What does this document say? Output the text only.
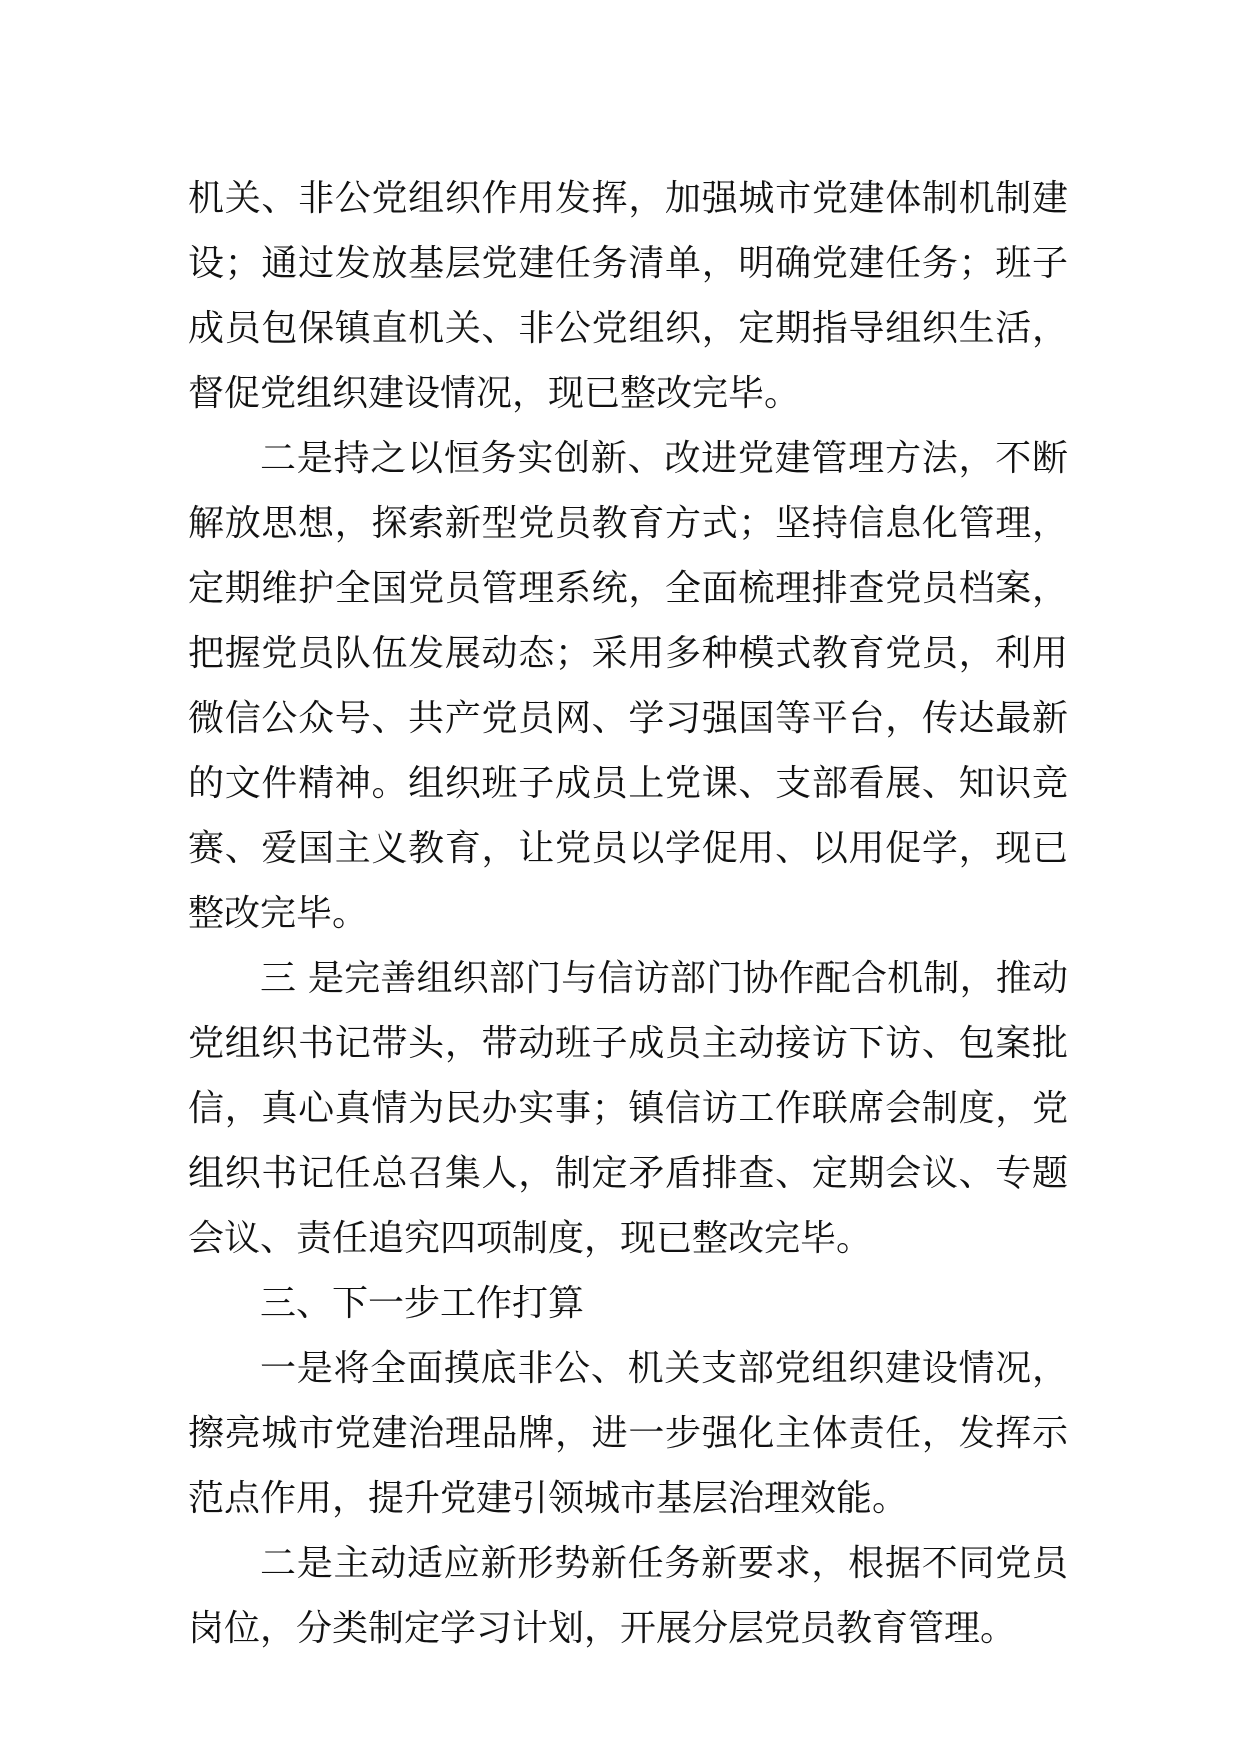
机关、非公党组织作用发挥，加强城市党建体制机制建设；通过发放基层党建任务清单，明确党建任务；班子成员包保镇直机关、非公党组织，定期指导组织生活，督促党组织建设情况，现已整改完毕。

二是持之以恒务实创新、改进党建管理方法，不断解放思想，探索新型党员教育方式；坚持信息化管理，定期维护全国党员管理系统，全面梳理排查党员档案，把握党员队伍发展动态；采用多种模式教育党员，利用微信公众号、共产党员网、学习强国等平台，传达最新的文件精神。组织班子成员上党课、支部看展、知识竞赛、爱国主义教育，让党员以学促用、以用促学，现已整改完毕。

三 是完善组织部门与信访部门协作配合机制，推动党组织书记带头，带动班子成员主动接访下访、包案批信，真心真情为民办实事；镇信访工作联席会制度，党组织书记任总召集人，制定矛盾排查、定期会议、专题会议、责任追究四项制度，现已整改完毕。

三、下一步工作打算

一是将全面摸底非公、机关支部党组织建设情况，擦亮城市党建治理品牌，进一步强化主体责任，发挥示范点作用，提升党建引领城市基层治理效能。

二是主动适应新形势新任务新要求，根据不同党员岗位，分类制定学习计划，开展分层党员教育管理。
